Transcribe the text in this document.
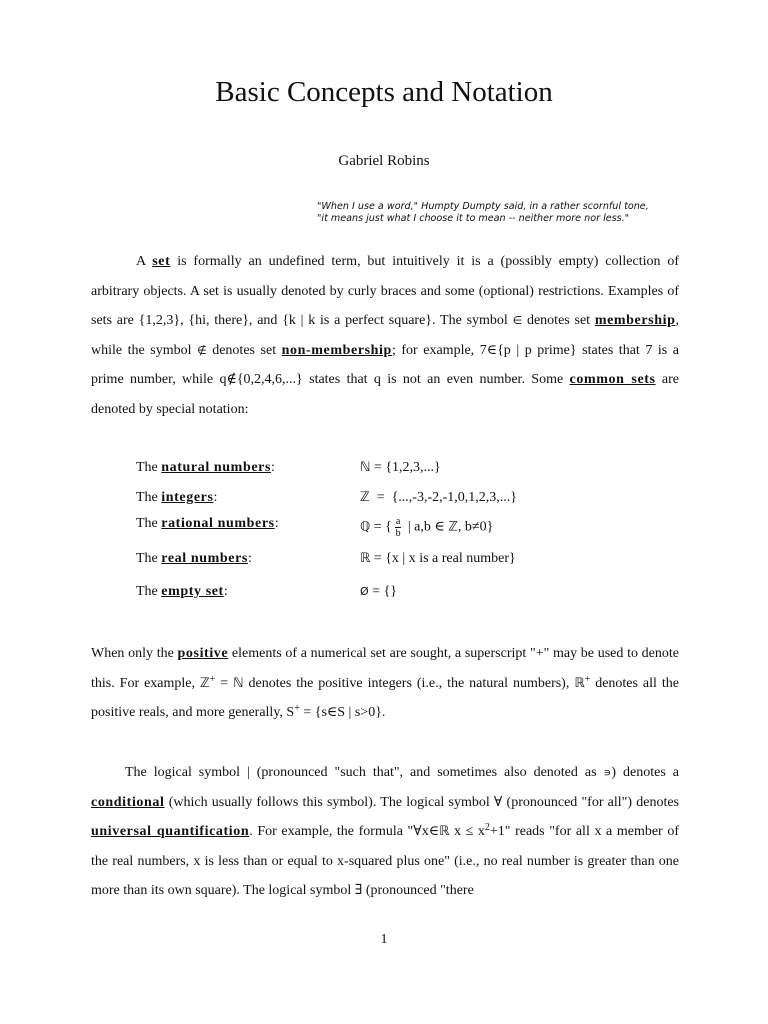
Basic Concepts and Notation
Gabriel Robins
"When I use a word," Humpty Dumpty said, in a rather scornful tone,
"it means just what I choose it to mean -- neither more nor less."

A set is formally an undefined term, but intuitively it is a (possibly empty) collection of arbitrary objects. A set is usually denoted by curly braces and some (optional) restrictions. Examples of sets are {1,2,3}, {hi, there}, and {k | k is a perfect square}. The symbol ∈ denotes set membership, while the symbol ∉ denotes set non-membership; for example, 7∈{p | p prime} states that 7 is a prime number, while q∉{0,2,4,6,...} states that q is not an even number. Some common sets are denoted by special notation:

The natural numbers:	ℕ = {1,2,3,...}
The integers:	ℤ  =  {...,-3,-2,-1,0,1,2,3,...}
The rational numbers:	ℚ = { $\frac{a}{b}$ | a,b ∈ ℤ, b≠0}
The real numbers:	ℝ = {x | x is a real number}
The empty set:	Ø = {}

When only the positive elements of a numerical set are sought, a superscript "+" may be used to denote this. For example, ℤ+ = ℕ denotes the positive integers (i.e., the natural numbers), ℝ+ denotes all the positive reals, and more generally, S+ = {s∈S | s>0}.

The logical symbol | (pronounced "such that", and sometimes also denoted as ∍) denotes a conditional (which usually follows this symbol). The logical symbol ∀ (pronounced "for all") denotes universal quantification. For example, the formula "∀x∈ℝ $x \le x^2+1$" reads "for all x a member of the real numbers, x is less than or equal to x-squared plus one" (i.e., no real number is greater than one more than its own square). The logical symbol ∃ (pronounced "there

1
